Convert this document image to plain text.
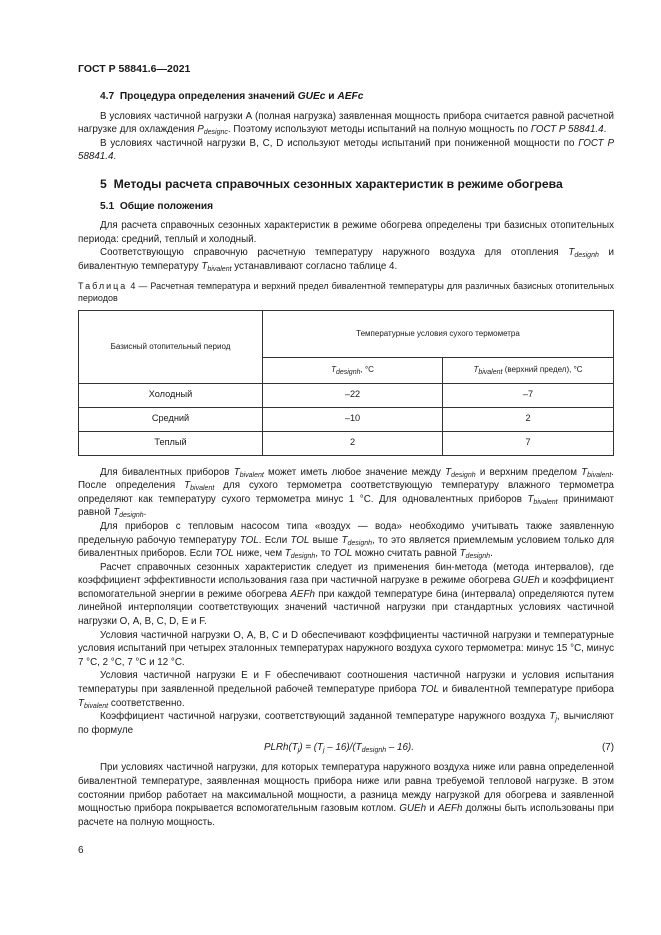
ГОСТ Р 58841.6—2021
4.7 Процедура определения значений GUEc и AEFc

В условиях частичной нагрузки А (полная нагрузка) заявленная мощность прибора считается равной расчетной нагрузке для охлаждения $P_{designc}$. Поэтому используют методы испытаний на полную мощность по ГОСТ Р 58841.4.

В условиях частичной нагрузки В, С, D используют методы испытаний при пониженной мощности по ГОСТ Р 58841.4.

5 Методы расчета справочных сезонных характеристик в режиме обогрева
5.1 Общие положения

Для расчета справочных сезонных характеристик в режиме обогрева определены три базисных отопительных периода: средний, теплый и холодный.

Соответствующую справочную расчетную температуру наружного воздуха для отопления $T_{designh}$ и бивалентную температуру $T_{bivalent}$ устанавливают согласно таблице 4.

Таблица 4 — Расчетная температура и верхний предел бивалентной температуры для различных базисных отопительных периодов
Базисный отопительный период	Температурные условия сухого термометра	
	$T_{designh}$, °C	$T_{bivalent}$ (верхний предел), °C
Холодный	–22	–7
Средний	–10	2
Теплый	2	7

Для бивалентных приборов $T_{bivalent}$ может иметь любое значение между $T_{designh}$ и верхним пределом $T_{bivalent}$. После определения $T_{bivalent}$ для сухого термометра соответствующую температуру влажного термометра определяют как температуру сухого термометра минус 1 °C. Для одновалентных приборов $T_{bivalent}$ принимают равной $T_{designh}$.

Для приборов с тепловым насосом типа «воздух — вода» необходимо учитывать также заявленную предельную рабочую температуру TOL. Если TOL выше $T_{designh}$, то это является приемлемым условием только для бивалентных приборов. Если TOL ниже, чем $T_{designh}$, то TOL можно считать равной $T_{designh}$.

Расчет справочных сезонных характеристик следует из применения бин-метода (метода интервалов), где коэффициент эффективности использования газа при частичной нагрузке в режиме обогрева GUEh и коэффициент вспомогательной энергии в режиме обогрева AEFh при каждой температуре бина (интервала) определяются путем линейной интерполяции соответствующих значений частичной нагрузки при стандартных условиях частичной нагрузки О, А, В, С, D, Е и F.

Условия частичной нагрузки О, А, В, С и D обеспечивают коэффициенты частичной нагрузки и температурные условия испытаний при четырех эталонных температурах наружного воздуха сухого термометра: минус 15 °C, минус 7 °C, 2 °C, 7 °C и 12 °C.

Условия частичной нагрузки Е и F обеспечивают соотношения частичной нагрузки и условия испытания температуры при заявленной предельной рабочей температуре прибора TOL и бивалентной температуре прибора $T_{bivalent}$ соответственно.

Коэффициент частичной нагрузки, соответствующий заданной температуре наружного воздуха $T_j$, вычисляют по формуле

$PLRh(T_j) = (T_j - 16)/(T_{designh} - 16)$.	(7)

При условиях частичной нагрузки, для которых температура наружного воздуха ниже или равна определенной бивалентной температуре, заявленная мощность прибора ниже или равна требуемой тепловой нагрузке. В этом состоянии прибор работает на максимальной мощности, а разница между нагрузкой для обогрева и заявленной мощностью прибора покрывается вспомогательным газовым котлом. GUEh и AEFh должны быть использованы при расчете на полную мощность.

6
